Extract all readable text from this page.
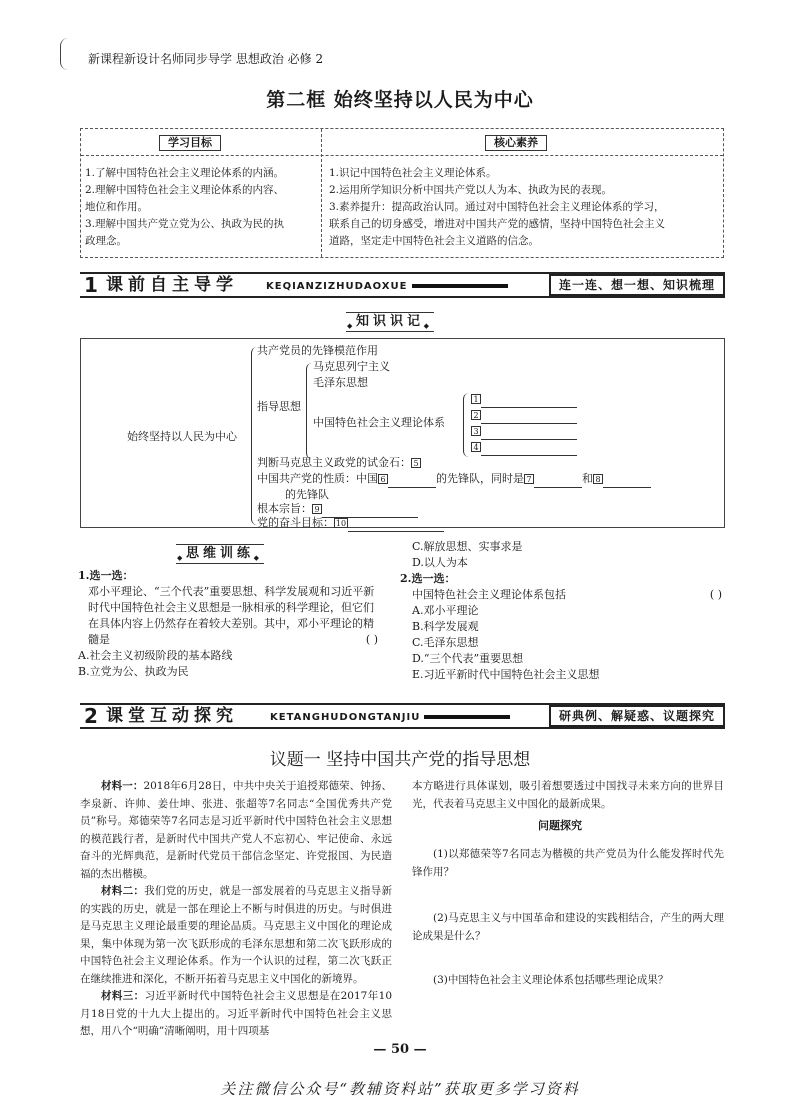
新课程新设计名师同步导学 思想政治 必修 2
第二框 始终坚持以人民为中心
学习目标	核心素养
1.了解中国特色社会主义理论体系的内涵。
2.理解中国特色社会主义理论体系的内容、
地位和作用。
3.理解中国共产党立党为公、执政为民的执
政理念。
1.识记中国特色社会主义理论体系。
2.运用所学知识分析中国共产党以人为本、执政为民的表现。
3.素养提升：提高政治认同。通过对中国特色社会主义理论体系的学习，
联系自己的切身感受，增进对中国共产党的感情，坚持中国特色社会主义
道路，坚定走中国特色社会主义道路的信念。
1 课前自主导学	KEQIANZIZHUDAOXUE	连一连、想一想、知识梳理
◆ 知识识记 ◆
始终坚持以人民为中心
共产党员的先锋模范作用
指导思想
马克思列宁主义
毛泽东思想
中国特色社会主义理论体系
1
2
3
4
判断马克思主义政党的试金石： 5
中国共产党的性质：中国 6	的先锋队，同时是 7	和 8
的先锋队
根本宗旨： 9
党的奋斗目标： 10
◆ 思维训练 ◆
1.选一选：
邓小平理论、“三个代表”重要思想、科学发展观和习近平新时代中国特色社会主义思想是一脉相承的科学理论，但它们在具体内容上仍然存在着较大差别。其中，邓小平理论的精髓是	( )
A.社会主义初级阶段的基本路线
B.立党为公、执政为民
C.解放思想、实事求是
D.以人为本
2.选一选：
中国特色社会主义理论体系包括	( )
A.邓小平理论
B.科学发展观
C.毛泽东思想
D.“三个代表”重要思想
E.习近平新时代中国特色社会主义思想
2 课堂互动探究	KETANGHUDONGTANJIU	研典例、解疑惑、议题探究
议题一 坚持中国共产党的指导思想
材料一：2018年6月28日，中共中央关于追授郑德荣、钟扬、李泉新、许帅、姜仕坤、张进、张超等7名同志“全国优秀共产党员”称号。郑德荣等7名同志是习近平新时代中国特色社会主义思想的模范践行者，是新时代中国共产党人不忘初心、牢记使命、永远奋斗的光辉典范，是新时代党员干部信念坚定、许党报国、为民造福的杰出楷模。
材料二：我们党的历史，就是一部发展着的马克思主义指导新的实践的历史，就是一部在理论上不断与时俱进的历史。与时俱进是马克思主义理论最重要的理论品质。马克思主义中国化的理论成果，集中体现为第一次飞跃形成的毛泽东思想和第二次飞跃形成的中国特色社会主义理论体系。作为一个认识的过程，第二次飞跃正在继续推进和深化，不断开拓着马克思主义中国化的新境界。
材料三：习近平新时代中国特色社会主义思想是在2017年10月18日党的十九大上提出的。习近平新时代中国特色社会主义思想，用八个“明确”清晰阐明，用十四项基
本方略进行具体谋划，吸引着想要透过中国找寻未来方向的世界目光，代表着马克思主义中国化的最新成果。
问题探究
(1)以郑德荣等7名同志为楷模的共产党员为什么能发挥时代先锋作用？
(2)马克思主义与中国革命和建设的实践相结合，产生的两大理论成果是什么？
(3)中国特色社会主义理论体系包括哪些理论成果？
— 50 —
关注微信公众号“教辅资料站”获取更多学习资料
